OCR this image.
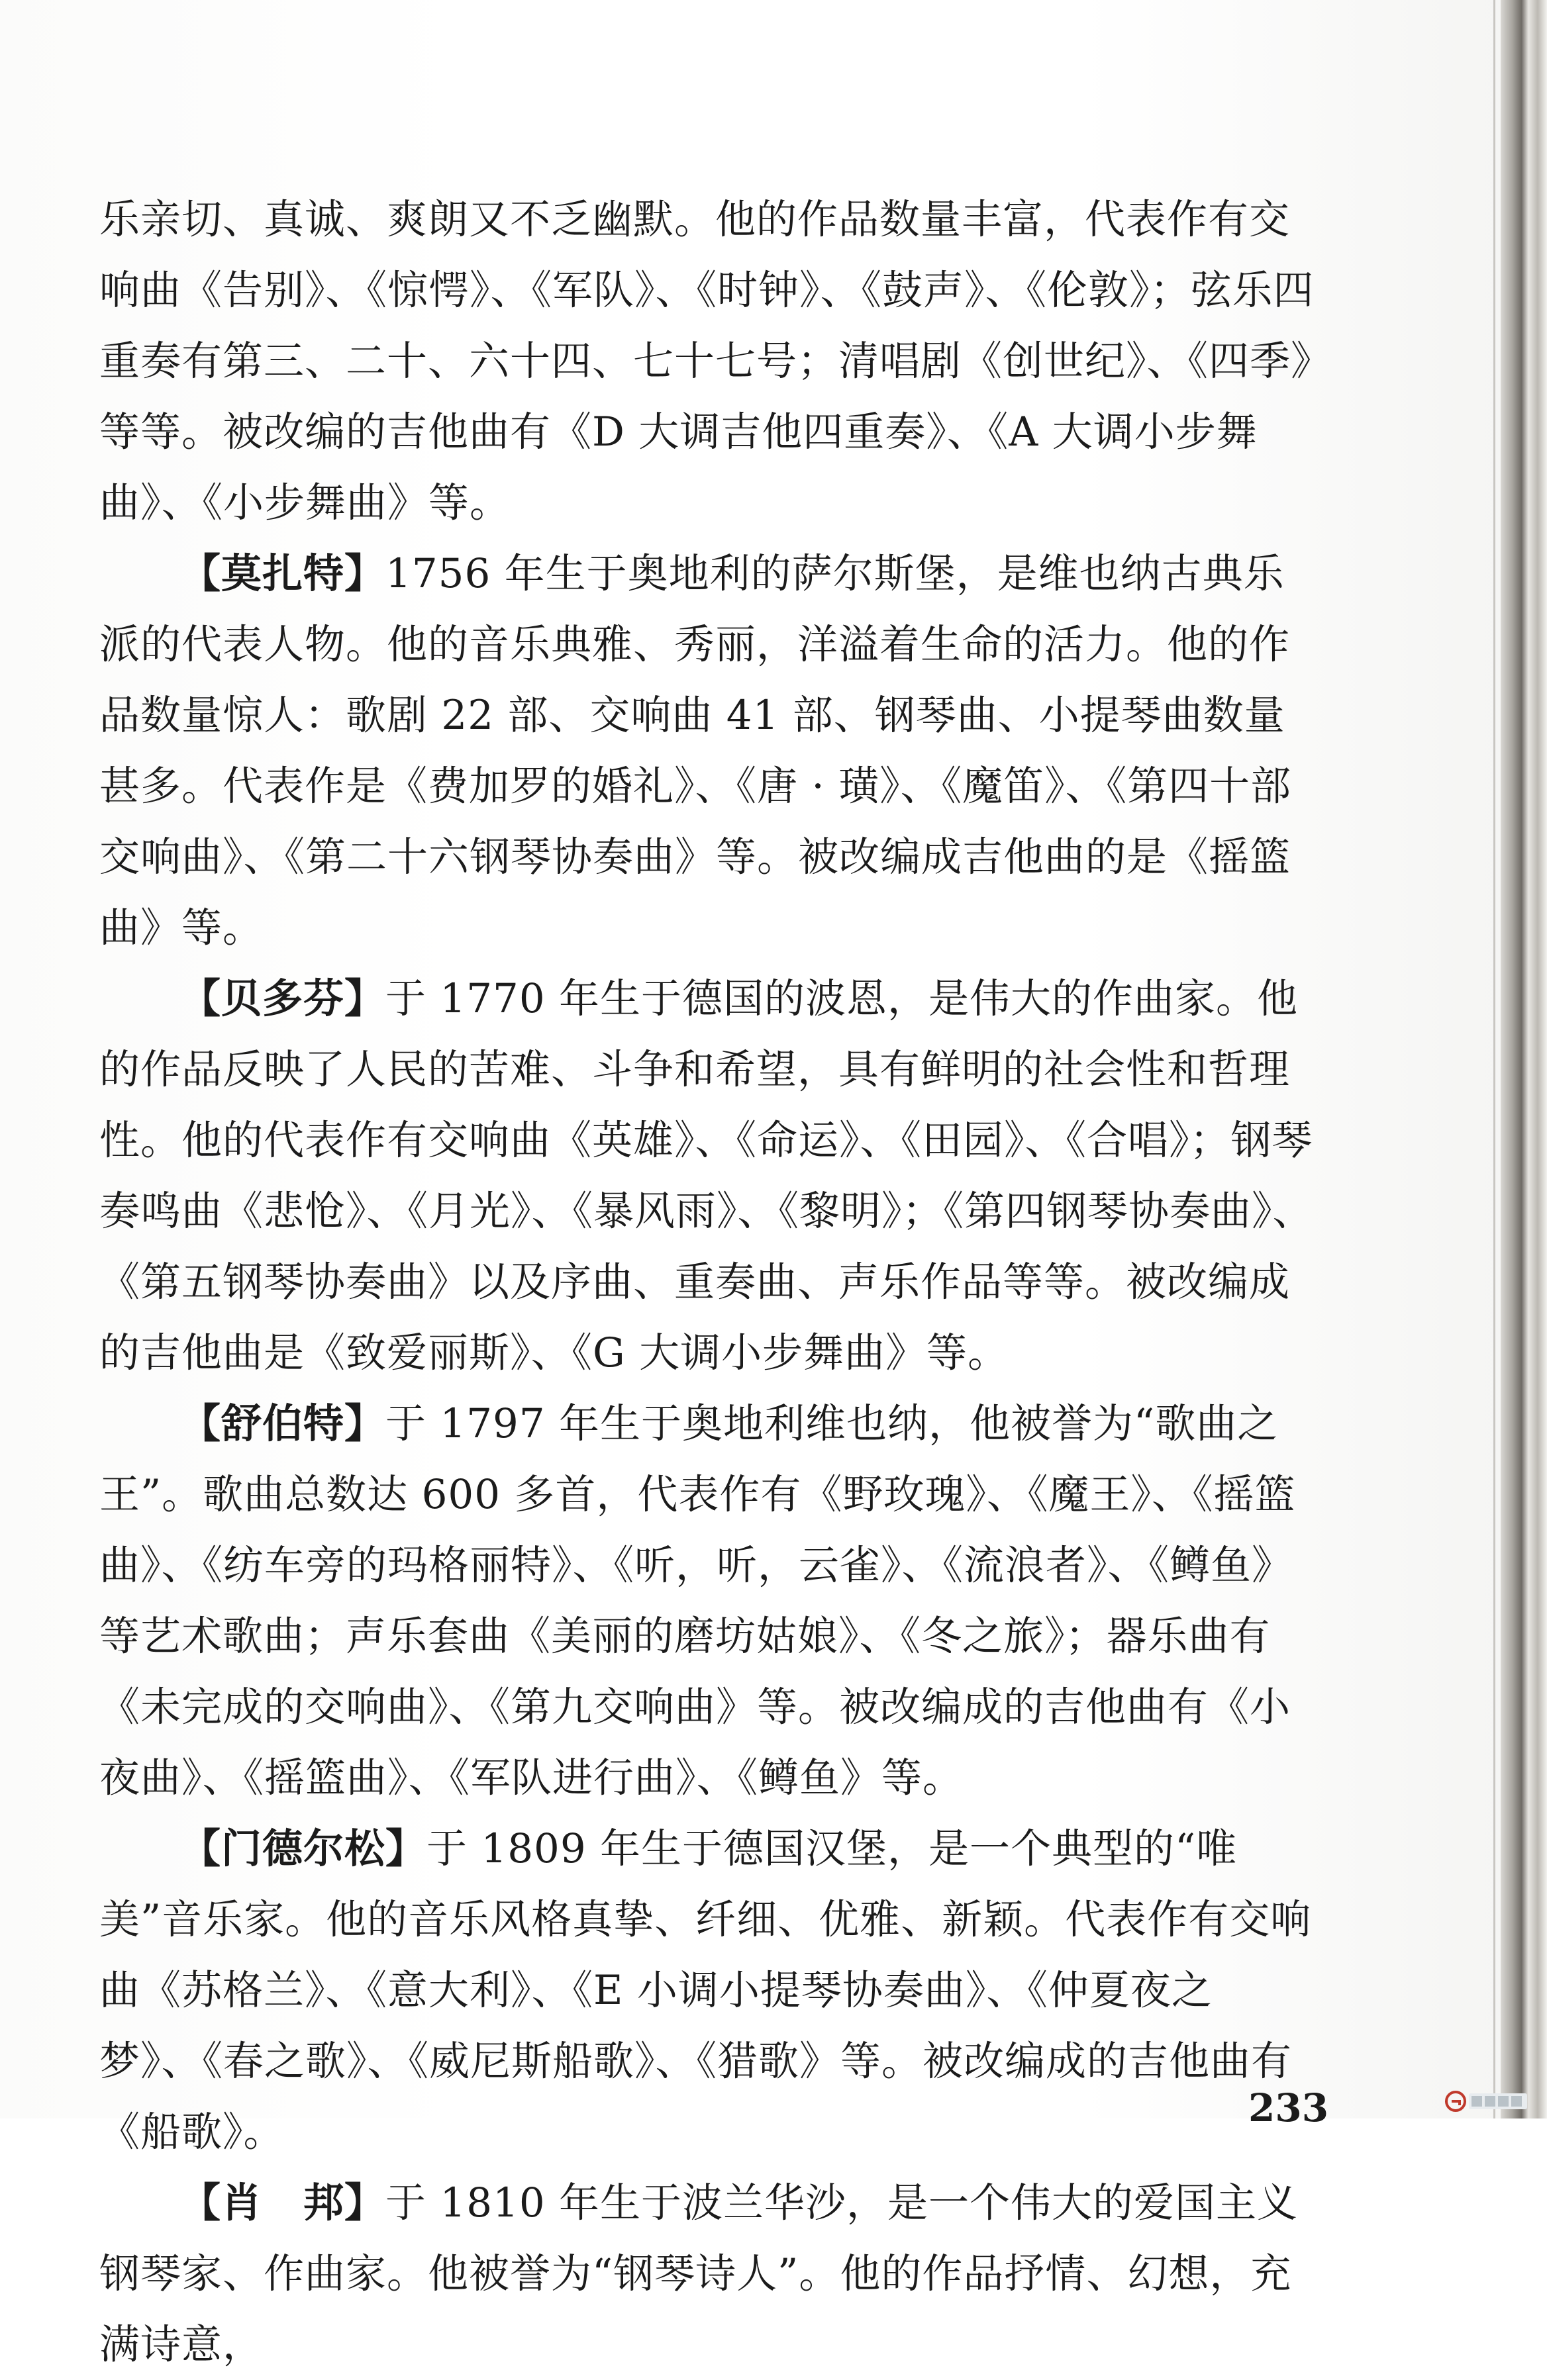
乐亲切、真诚、爽朗又不乏幽默。他的作品数量丰富，代表作有交响曲《告别》、《惊愕》、《军队》、《时钟》、《鼓声》、《伦敦》；弦乐四重奏有第三、二十、六十四、七十七号；清唱剧《创世纪》、《四季》等等。被改编的吉他曲有《D 大调吉他四重奏》、《A 大调小步舞曲》、《小步舞曲》等。

【莫扎特】1756 年生于奥地利的萨尔斯堡，是维也纳古典乐派的代表人物。他的音乐典雅、秀丽，洋溢着生命的活力。他的作品数量惊人：歌剧 22 部、交响曲 41 部、钢琴曲、小提琴曲数量甚多。代表作是《费加罗的婚礼》、《唐 · 璜》、《魔笛》、《第四十部交响曲》、《第二十六钢琴协奏曲》等。被改编成吉他曲的是《摇篮曲》等。

【贝多芬】于 1770 年生于德国的波恩，是伟大的作曲家。他的作品反映了人民的苦难、斗争和希望，具有鲜明的社会性和哲理性。他的代表作有交响曲《英雄》、《命运》、《田园》、《合唱》；钢琴奏鸣曲《悲怆》、《月光》、《暴风雨》、《黎明》；《第四钢琴协奏曲》、《第五钢琴协奏曲》以及序曲、重奏曲、声乐作品等等。被改编成的吉他曲是《致爱丽斯》、《G 大调小步舞曲》等。

【舒伯特】于 1797 年生于奥地利维也纳，他被誉为“歌曲之王”。歌曲总数达 600 多首，代表作有《野玫瑰》、《魔王》、《摇篮曲》、《纺车旁的玛格丽特》、《听，听，云雀》、《流浪者》、《鳟鱼》等艺术歌曲；声乐套曲《美丽的磨坊姑娘》、《冬之旅》；器乐曲有《未完成的交响曲》、《第九交响曲》等。被改编成的吉他曲有《小夜曲》、《摇篮曲》、《军队进行曲》、《鳟鱼》等。

【门德尔松】于 1809 年生于德国汉堡，是一个典型的“唯美”音乐家。他的音乐风格真挚、纤细、优雅、新颖。代表作有交响曲《苏格兰》、《意大利》、《E 小调小提琴协奏曲》、《仲夏夜之梦》、《春之歌》、《威尼斯船歌》、《猎歌》等。被改编成的吉他曲有《船歌》。

【肖　邦】于 1810 年生于波兰华沙，是一个伟大的爱国主义钢琴家、作曲家。他被誉为“钢琴诗人”。他的作品抒情、幻想，充满诗意，

233
